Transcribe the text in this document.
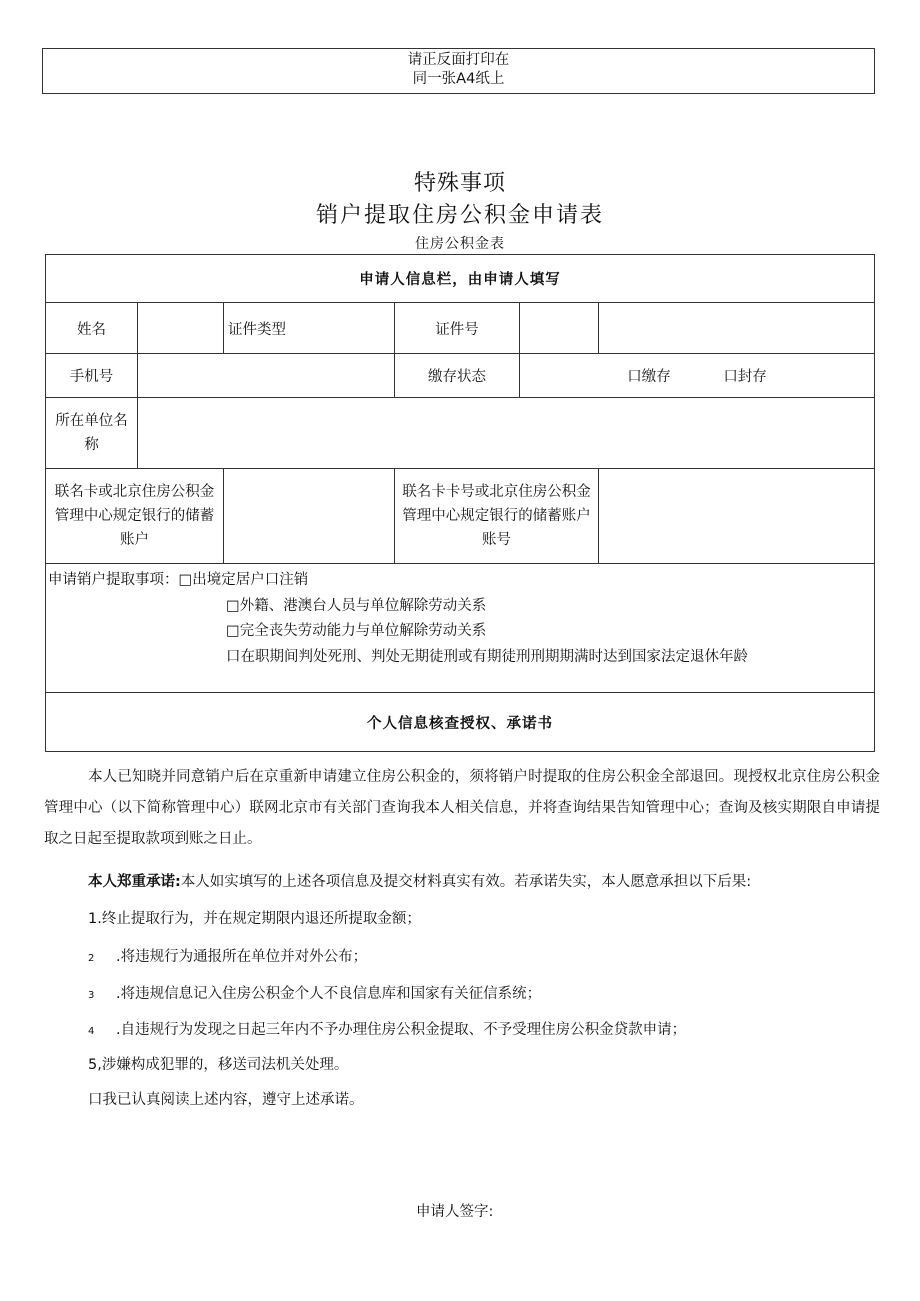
请正反面打印在
同一张A4纸上
特殊事项
销户提取住房公积金申请表
住房公积金表
申请人信息栏，由申请人填写					
姓名		证件类型	证件号		
手机号			缴存状态	口缴存 口封存	
所在单位名称					
联名卡或北京住房公积金管理中心规定银行的储蓄账户			联名卡卡号或北京住房公积金管理中心规定银行的储蓄账户账号		

申请销户提取事项：□出境定居户口注销
□外籍、港澳台人员与单位解除劳动关系
□完全丧失劳动能力与单位解除劳动关系
口在职期间判处死刑、判处无期徒刑或有期徒刑刑期期满时达到国家法定退休年龄					

个人信息核查授权、承诺书					
本人已知晓并同意销户后在京重新申请建立住房公积金的，须将销户时提取的住房公积金全部退回。现授权北京住房公积金管理中心（以下简称管理中心）联网北京市有关部门查询我本人相关信息，并将查询结果告知管理中心；查询及核实期限自申请提取之日起至提取款项到账之日止。
本人郑重承诺:本人如实填写的上述各项信息及提交材料真实有效。若承诺失实，本人愿意承担以下后果:
1.终止提取行为，并在规定期限内退还所提取金额；
2 .将违规行为通报所在单位并对外公布；
3 .将违规信息记入住房公积金个人不良信息库和国家有关征信系统；
4 .自违规行为发现之日起三年内不予办理住房公积金提取、不予受理住房公积金贷款申请；
5,涉嫌构成犯罪的，移送司法机关处理。
口我已认真阅读上述内容，遵守上述承诺。
申请人签字:
